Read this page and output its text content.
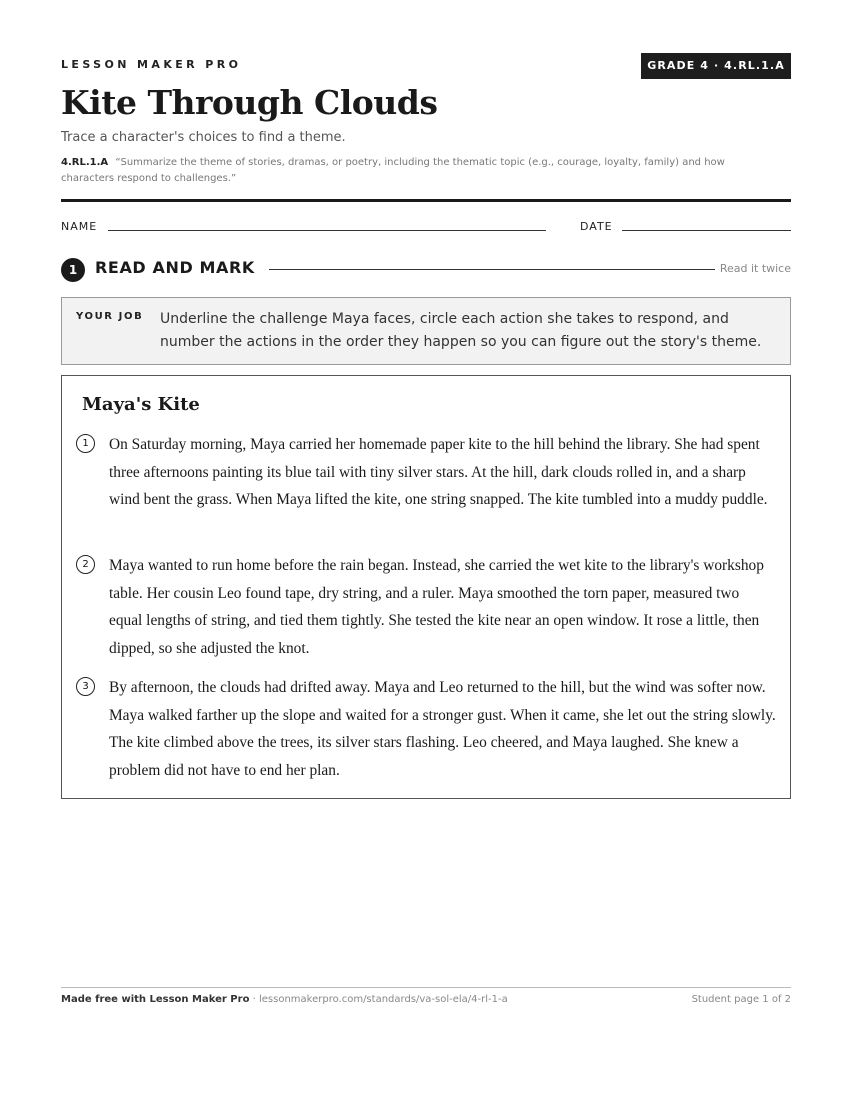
LESSON MAKER PRO	GRADE 4 · 4.RL.1.A
Kite Through Clouds
Trace a character's choices to find a theme.
4.RL.1.A “Summarize the theme of stories, dramas, or poetry, including the thematic topic (e.g., courage, loyalty, family) and how characters respond to challenges.”
NAME	DATE
1	READ AND MARK	Read it twice
YOUR JOB Underline the challenge Maya faces, circle each action she takes to respond, and number the actions in the order they happen so you can figure out the story's theme.
Maya's Kite
1	On Saturday morning, Maya carried her homemade paper kite to the hill behind the library. She had spent three afternoons painting its blue tail with tiny silver stars. At the hill, dark clouds rolled in, and a sharp wind bent the grass. When Maya lifted the kite, one string snapped. The kite tumbled into a muddy puddle.

2	Maya wanted to run home before the rain began. Instead, she carried the wet kite to the library's workshop table. Her cousin Leo found tape, dry string, and a ruler. Maya smoothed the torn paper, measured two equal lengths of string, and tied them tightly. She tested the kite near an open window. It rose a little, then dipped, so she adjusted the knot.

3	By afternoon, the clouds had drifted away. Maya and Leo returned to the hill, but the wind was softer now. Maya walked farther up the slope and waited for a stronger gust. When it came, she let out the string slowly. The kite climbed above the trees, its silver stars flashing. Leo cheered, and Maya laughed. She knew a problem did not have to end her plan.

Made free with Lesson Maker Pro · lessonmakerpro.com/standards/va-sol-ela/4-rl-1-a	Student page 1 of 2
